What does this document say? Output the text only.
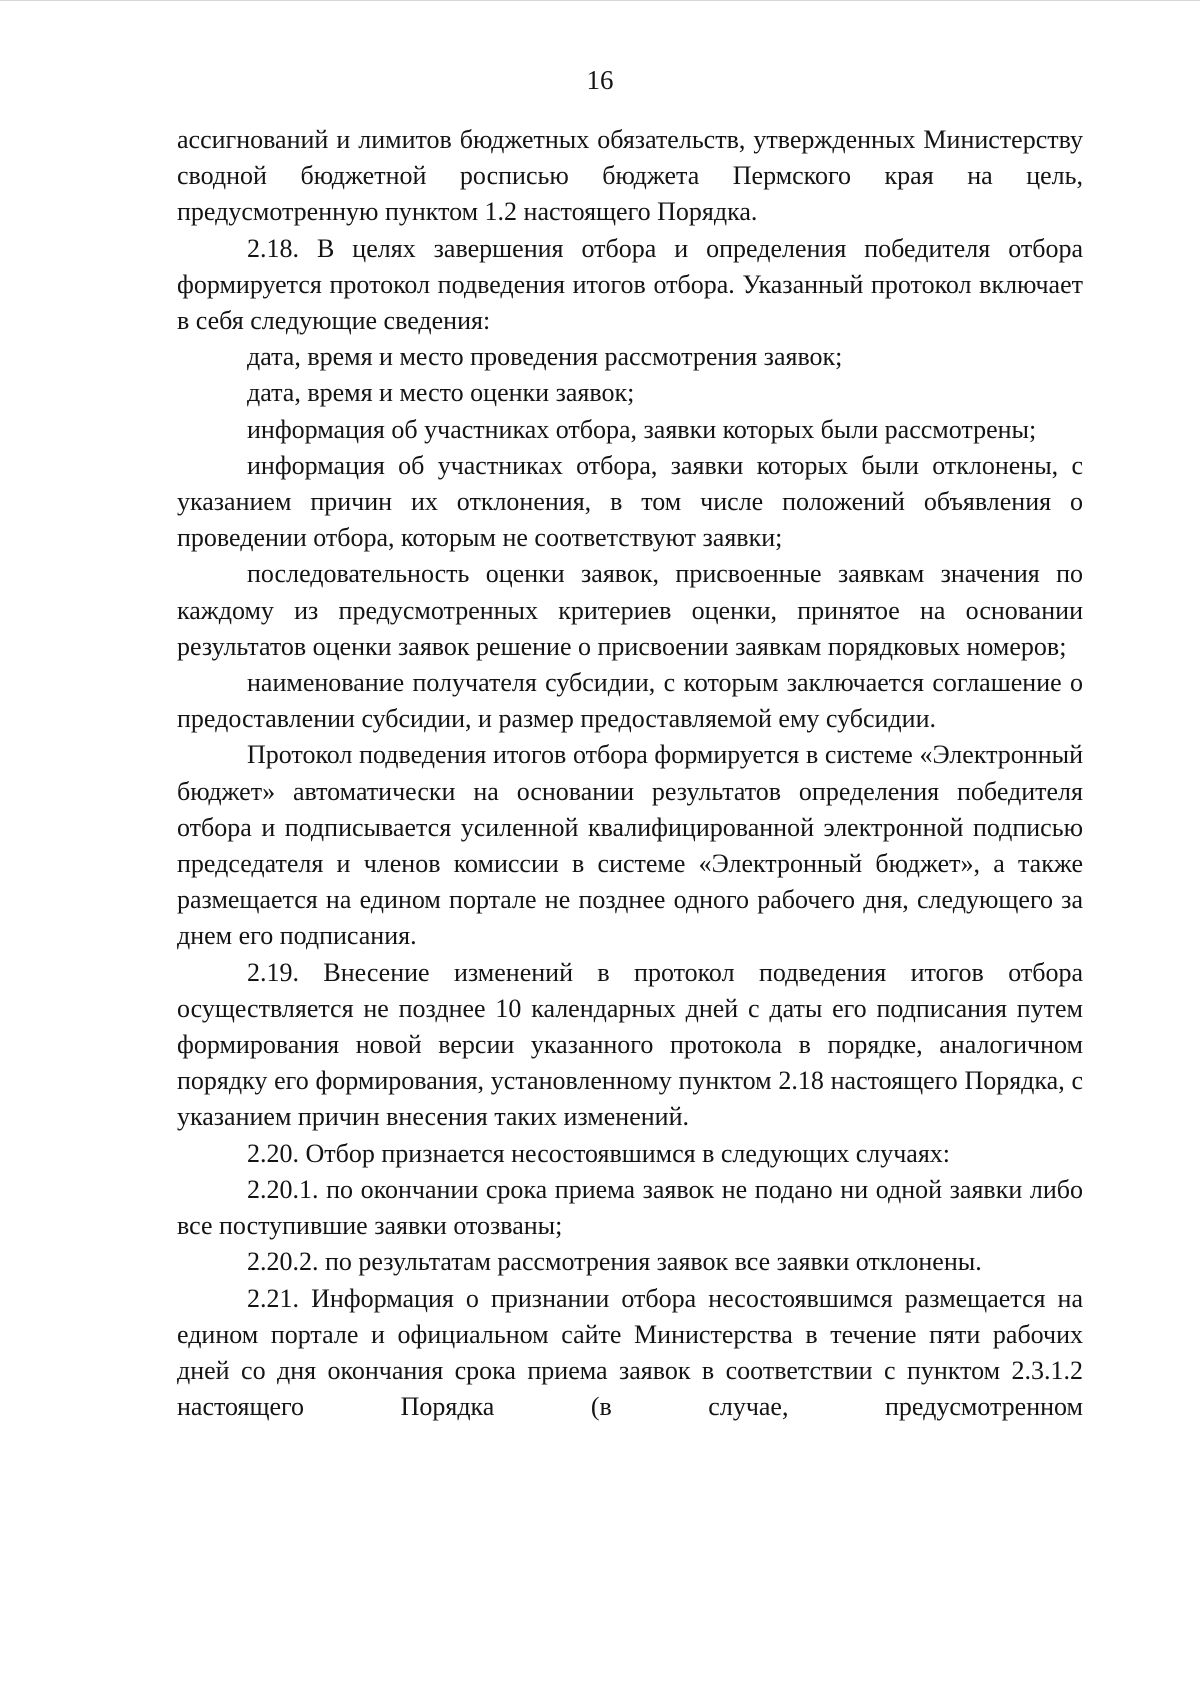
16

ассигнований и лимитов бюджетных обязательств, утвержденных Министерству сводной бюджетной росписью бюджета Пермского края на цель, предусмотренную пунктом 1.2 настоящего Порядка.

2.18. В целях завершения отбора и определения победителя отбора формируется протокол подведения итогов отбора. Указанный протокол включает в себя следующие сведения:

дата, время и место проведения рассмотрения заявок;

дата, время и место оценки заявок;

информация об участниках отбора, заявки которых были рассмотрены;

информация об участниках отбора, заявки которых были отклонены, с указанием причин их отклонения, в том числе положений объявления о проведении отбора, которым не соответствуют заявки;

последовательность оценки заявок, присвоенные заявкам значения по каждому из предусмотренных критериев оценки, принятое на основании результатов оценки заявок решение о присвоении заявкам порядковых номеров;

наименование получателя субсидии, с которым заключается соглашение о предоставлении субсидии, и размер предоставляемой ему субсидии.

Протокол подведения итогов отбора формируется в системе «Электронный бюджет» автоматически на основании результатов определения победителя отбора и подписывается усиленной квалифицированной электронной подписью председателя и членов комиссии в системе «Электронный бюджет», а также размещается на едином портале не позднее одного рабочего дня, следующего за днем его подписания.

2.19. Внесение изменений в протокол подведения итогов отбора осуществляется не позднее 10 календарных дней с даты его подписания путем формирования новой версии указанного протокола в порядке, аналогичном порядку его формирования, установленному пунктом 2.18 настоящего Порядка, с указанием причин внесения таких изменений.

2.20. Отбор признается несостоявшимся в следующих случаях:

2.20.1. по окончании срока приема заявок не подано ни одной заявки либо все поступившие заявки отозваны;

2.20.2. по результатам рассмотрения заявок все заявки отклонены.

2.21. Информация о признании отбора несостоявшимся размещается на едином портале и официальном сайте Министерства в течение пяти рабочих дней со дня окончания срока приема заявок в соответствии с пунктом 2.3.1.2 настоящего Порядка (в случае, предусмотренном
